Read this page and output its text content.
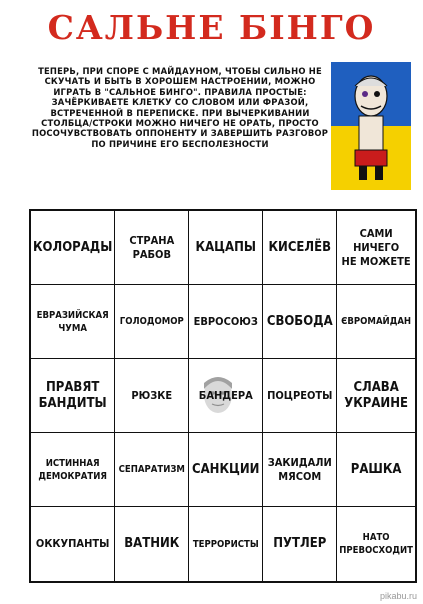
САЛЬНЕ БІНГО
ТЕПЕРЬ, ПРИ СПОРЕ С МАЙДАУНОМ, ЧТОБЫ СИЛЬНО НЕ СКУЧАТЬ И БЫТЬ В ХОРОШЕМ НАСТРОЕНИИ, МОЖНО ИГРАТЬ В "САЛЬНОЕ БИНГО". ПРАВИЛА ПРОСТЫЕ: ЗАЧЁРКИВАЕТЕ КЛЕТКУ СО СЛОВОМ ИЛИ ФРАЗОЙ, ВСТРЕЧЕННОЙ В ПЕРЕПИСКЕ. ПРИ ВЫЧЕРКИВАНИИ СТОЛБЦА/СТРОКИ МОЖНО НИЧЕГО НЕ ОРАТЬ, ПРОСТО ПОСОЧУВСТВОВАТЬ ОППОНЕНТУ И ЗАВЕРШИТЬ РАЗГОВОР ПО ПРИЧИНЕ ЕГО БЕСПОЛЕЗНОСТИ
КОЛОРАДЫ СТРАНА
РАБОВ КАЦАПЫ КИСЕЛЁВ
САМИ
НИЧЕГО
НЕ МОЖЕТЕ
ЕВРАЗИЙСКАЯ
ЧУМА
ГОЛОДОМОР ЕВРОСОЮЗ СВОБОДА ЄВРОМАЙДАН
ПРАВЯТ
БАНДИТЫ
РЮЗКЕ БАНДЕРА ПОЦРЕОТЫ
СЛАВА
УКРАИНЕ
ИСТИННАЯ
ДЕМОКРАТИЯ
СЕПАРАТИЗМ САНКЦИИ ЗАКИДАЛИ
МЯСОМ	РАШКА
ОККУПАНТЫ ВАТНИК ТЕРРОРИСТЫ ПУТЛЕР	НАТО
ПРЕВОСХОДИТ
pikabu.ru
